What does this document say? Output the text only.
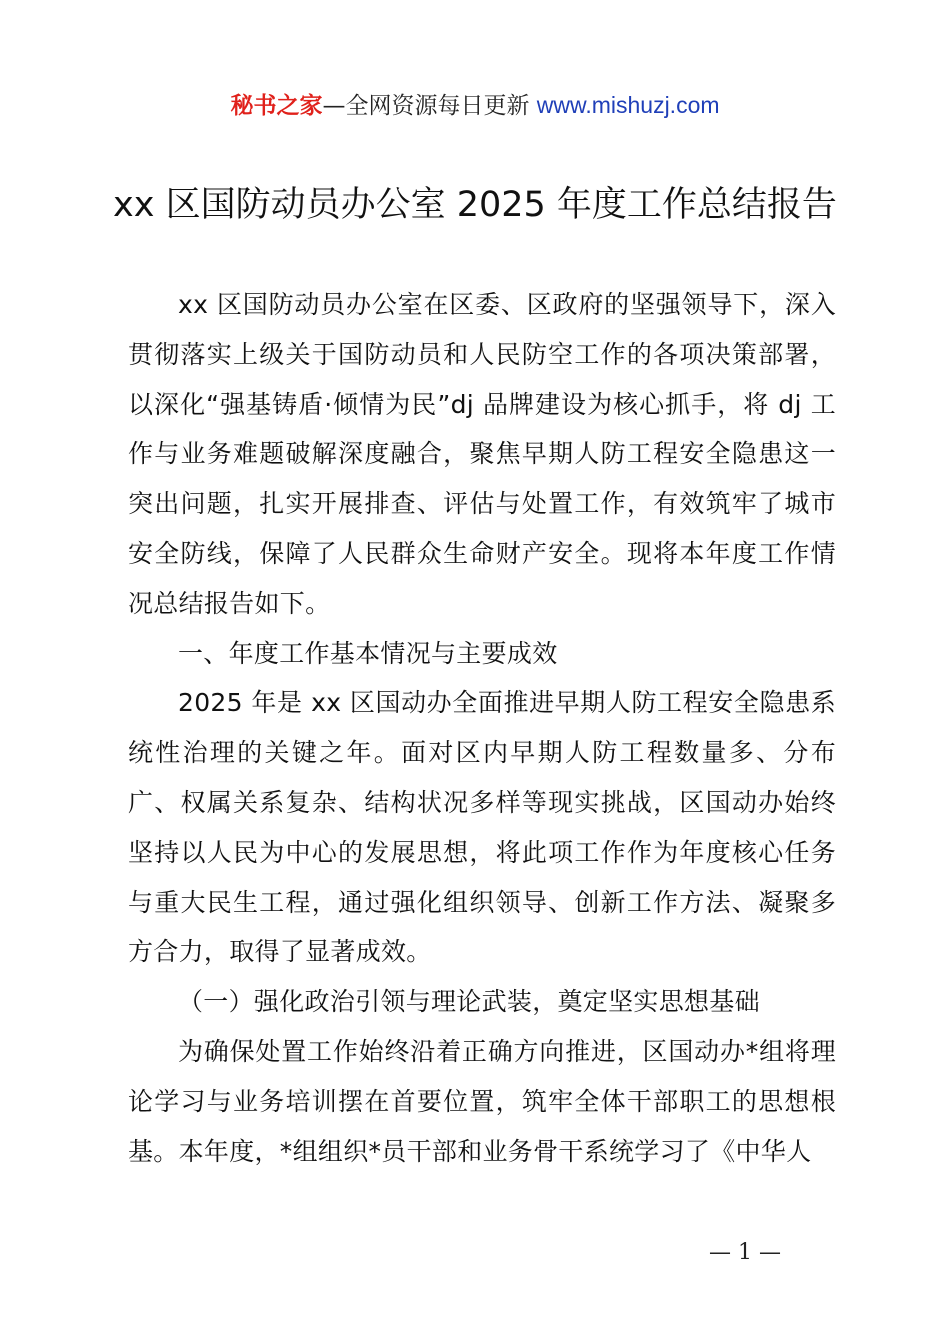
秘书之家—全网资源每日更新 www.mishuzj.com
xx 区国防动员办公室 2025 年度工作总结报告

xx 区国防动员办公室在区委、区政府的坚强领导下，深入贯彻落实上级关于国防动员和人民防空工作的各项决策部署，以深化“强基铸盾·倾情为民”dj 品牌建设为核心抓手，将 dj 工作与业务难题破解深度融合，聚焦早期人防工程安全隐患这一突出问题，扎实开展排查、评估与处置工作，有效筑牢了城市安全防线，保障了人民群众生命财产安全。现将本年度工作情况总结报告如下。

一、年度工作基本情况与主要成效

2025 年是 xx 区国动办全面推进早期人防工程安全隐患系统性治理的关键之年。面对区内早期人防工程数量多、分布广、权属关系复杂、结构状况多样等现实挑战，区国动办始终坚持以人民为中心的发展思想，将此项工作作为年度核心任务与重大民生工程，通过强化组织领导、创新工作方法、凝聚多方合力，取得了显著成效。

（一）强化政治引领与理论武装，奠定坚实思想基础

为确保处置工作始终沿着正确方向推进，区国动办*组将理论学习与业务培训摆在首要位置，筑牢全体干部职工的思想根基。本年度，*组组织*员干部和业务骨干系统学习了《中华人

— 1 —
